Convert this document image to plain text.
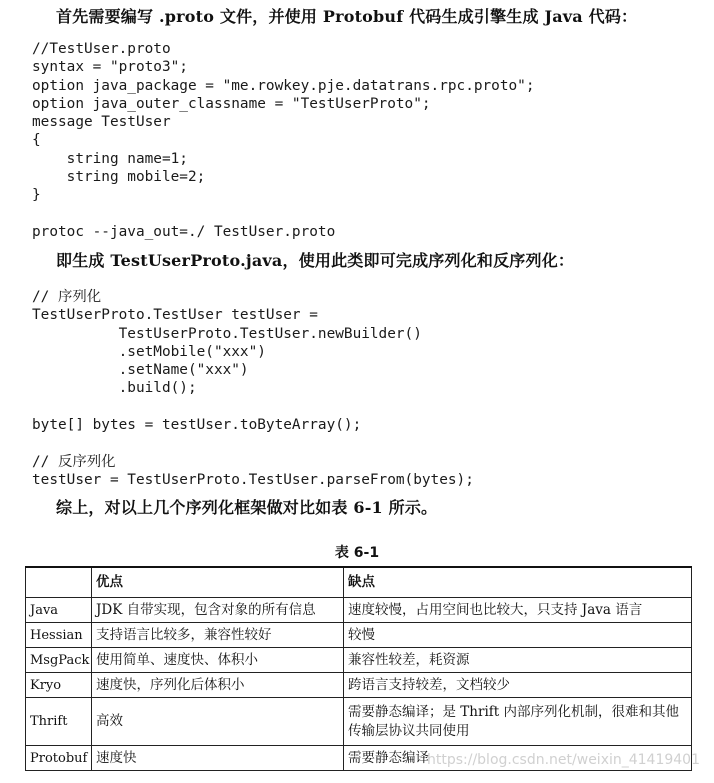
首先需要编写 .proto 文件，并使用 Protobuf 代码生成引擎生成 Java 代码：
//TestUser.proto
syntax = "proto3";
option java_package = "me.rowkey.pje.datatrans.rpc.proto";
option java_outer_classname = "TestUserProto";
message TestUser
{
string name=1;
string mobile=2;
}

protoc --java_out=./ TestUser.proto
即生成 TestUserProto.java，使用此类即可完成序列化和反序列化：
// 序列化
TestUserProto.TestUser testUser =
TestUserProto.TestUser.newBuilder()
.setMobile("xxx")
.setName("xxx")
.build();

byte[] bytes = testUser.toByteArray();

// 反序列化
testUser = TestUserProto.TestUser.parseFrom(bytes);
综上，对以上几个序列化框架做对比如表 6-1 所示。
表 6-1
	优点	缺点
Java	JDK 自带实现，包含对象的所有信息	速度较慢，占用空间也比较大，只支持 Java 语言
Hessian	支持语言比较多，兼容性较好	较慢
MsgPack	使用简单、速度快、体积小	兼容性较差，耗资源
Kryo	速度快，序列化后体积小	跨语言支持较差，文档较少
Thrift	高效	需要静态编译；是 Thrift 内部序列化机制，很难和其他传输层协议共同使用
Protobuf	速度快	需要静态编译
https://blog.csdn.net/weixin_41419401
